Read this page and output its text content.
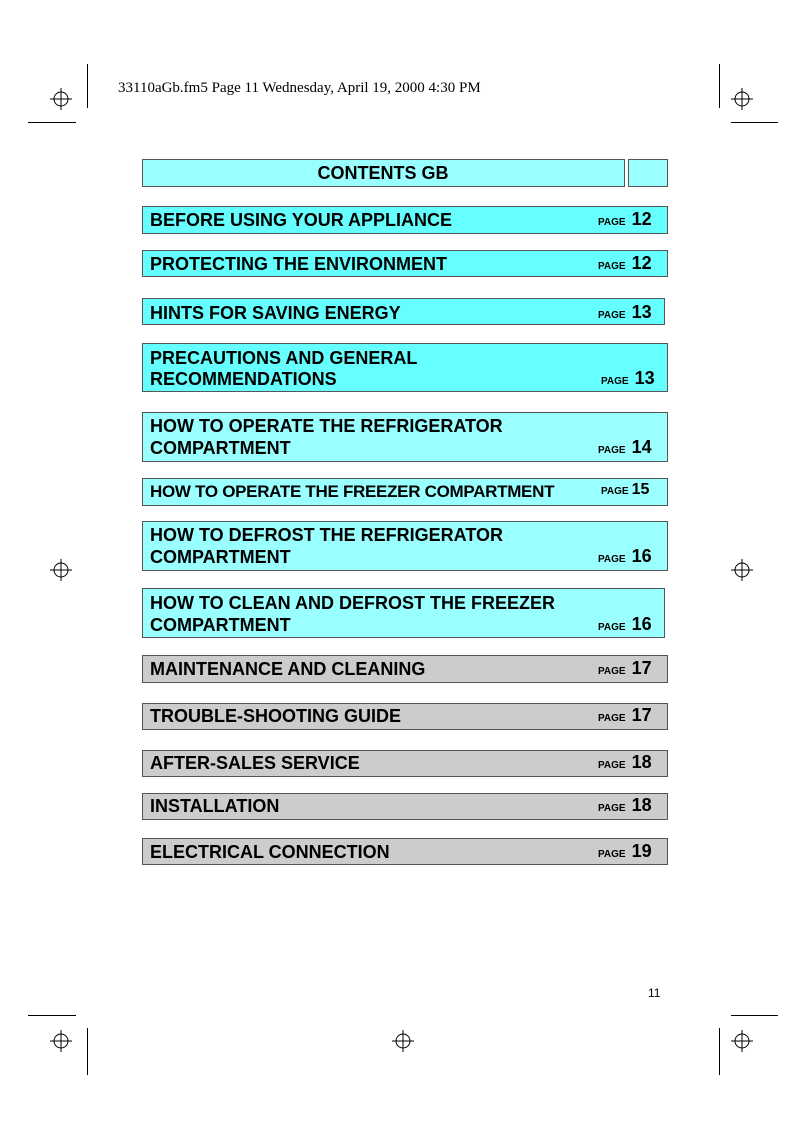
33110aGb.fm5 Page 11 Wednesday, April 19, 2000 4:30 PM
CONTENTS GB
BEFORE USING YOUR APPLIANCE	PAGE 12
PROTECTING THE ENVIRONMENT	PAGE 12
HINTS FOR SAVING ENERGY	PAGE 13
PRECAUTIONS AND GENERAL
RECOMMENDATIONS	PAGE 13
HOW TO OPERATE THE REFRIGERATOR
COMPARTMENT	PAGE 14
HOW TO OPERATE THE FREEZER COMPARTMENT	PAGE 15
HOW TO DEFROST THE REFRIGERATOR
COMPARTMENT	PAGE 16
HOW TO CLEAN AND DEFROST THE FREEZER
COMPARTMENT	PAGE 16
MAINTENANCE AND CLEANING	PAGE 17
TROUBLE-SHOOTING GUIDE	PAGE 17
AFTER-SALES SERVICE	PAGE 18
INSTALLATION	PAGE 18
ELECTRICAL CONNECTION	PAGE 19
11
